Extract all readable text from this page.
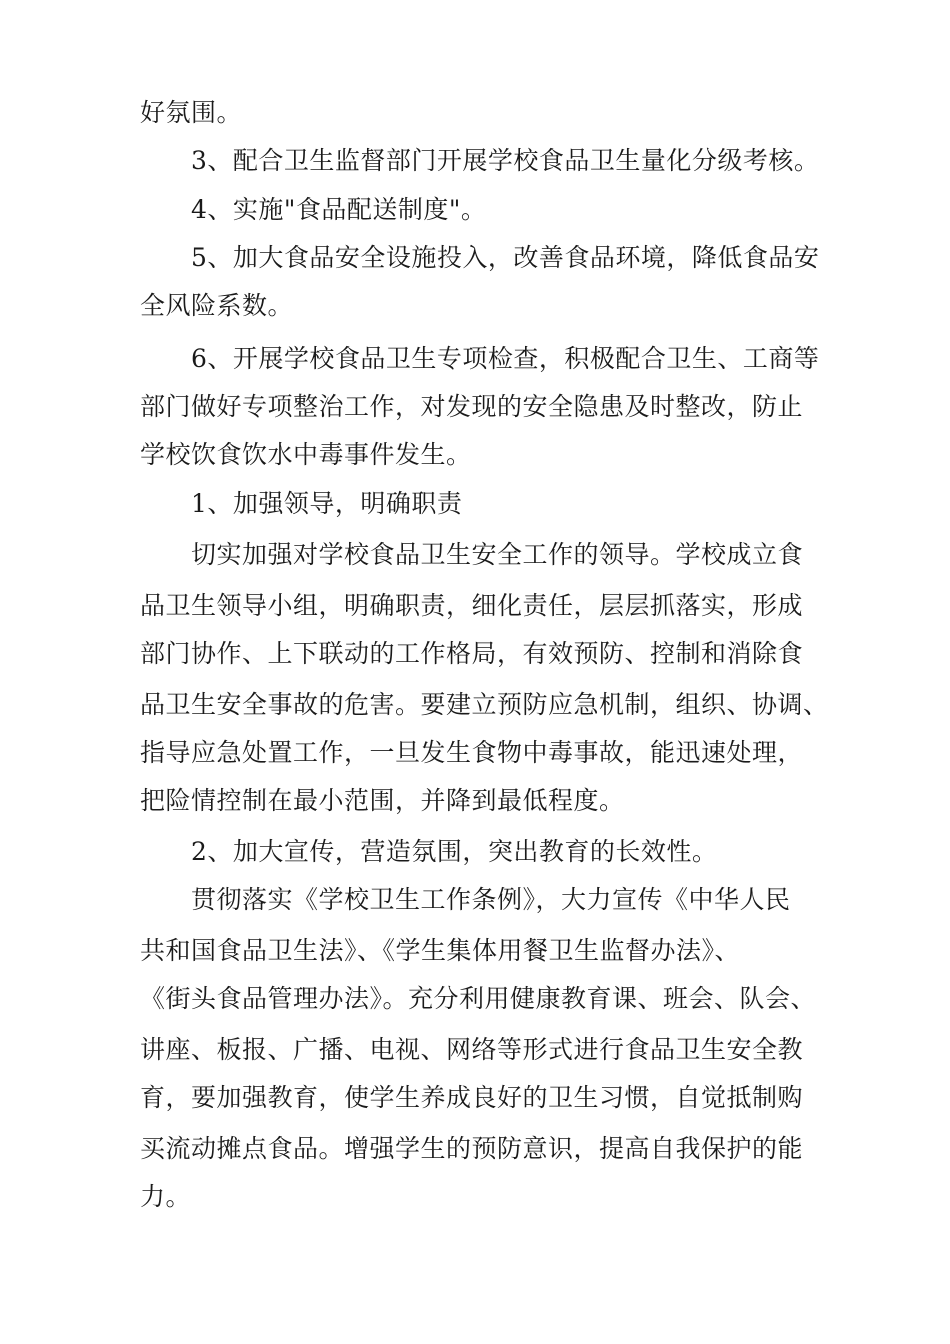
好氛围。
　　3、配合卫生监督部门开展学校食品卫生量化分级考核。
　　4、实施"食品配送制度"。
　　5、加大食品安全设施投入，改善食品环境，降低食品安
全风险系数。
　　6、开展学校食品卫生专项检查，积极配合卫生、工商等
部门做好专项整治工作，对发现的安全隐患及时整改，防止
学校饮食饮水中毒事件发生。
　　1、加强领导，明确职责
　　切实加强对学校食品卫生安全工作的领导。学校成立食
品卫生领导小组，明确职责，细化责任，层层抓落实，形成
部门协作、上下联动的工作格局，有效预防、控制和消除食
品卫生安全事故的危害。要建立预防应急机制，组织、协调、
指导应急处置工作，一旦发生食物中毒事故，能迅速处理，
把险情控制在最小范围，并降到最低程度。
　　2、加大宣传，营造氛围，突出教育的长效性。
　　贯彻落实《学校卫生工作条例》，大力宣传《中华人民
共和国食品卫生法》、《学生集体用餐卫生监督办法》、
《街头食品管理办法》。充分利用健康教育课、班会、队会、
讲座、板报、广播、电视、网络等形式进行食品卫生安全教
育，要加强教育，使学生养成良好的卫生习惯，自觉抵制购
买流动摊点食品。增强学生的预防意识，提高自我保护的能
力。
